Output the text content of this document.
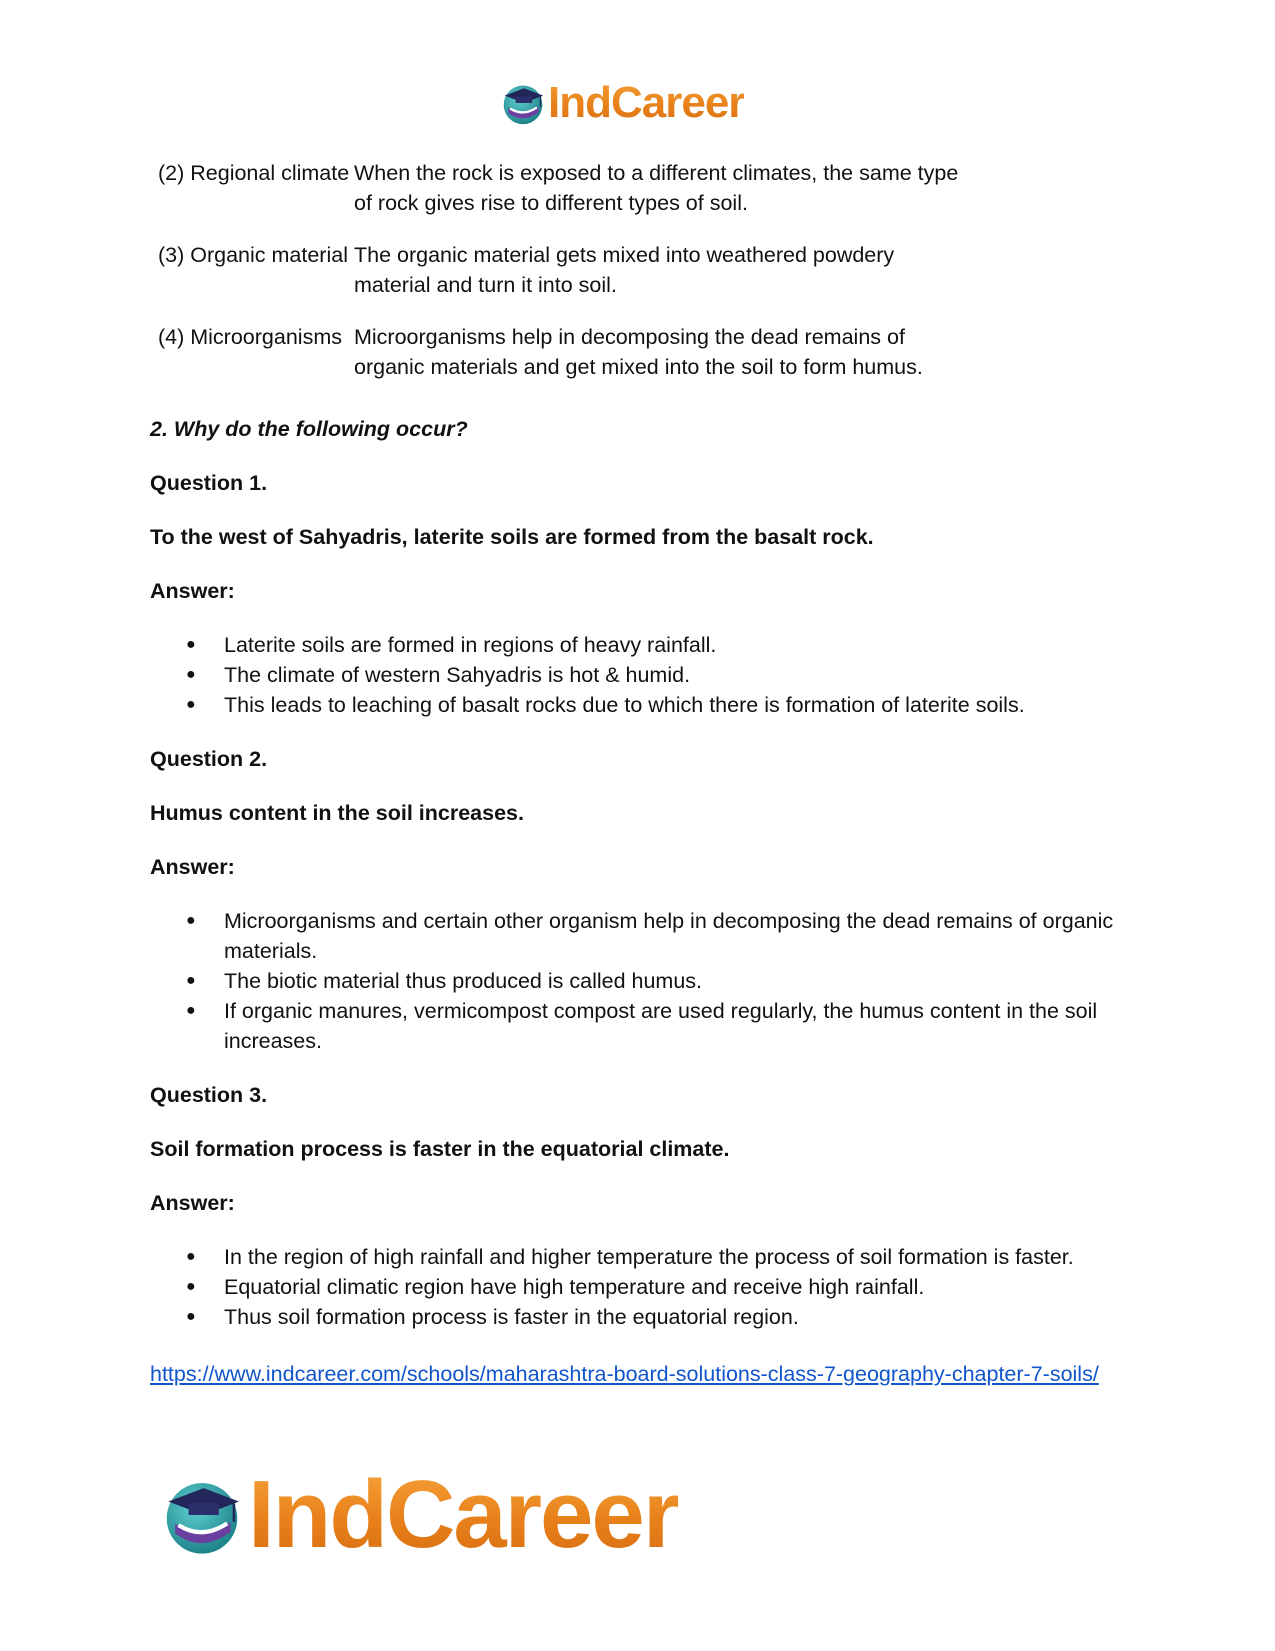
IndCareer
(2) Regional climate	When the rock is exposed to a different climates, the same type of rock gives rise to different types of soil.
(3) Organic material	The organic material gets mixed into weathered powdery material and turn it into soil.
(4) Microorganisms	Microorganisms help in decomposing the dead remains of organic materials and get mixed into the soil to form humus.
2. Why do the following occur?
Question 1.
To the west of Sahyadris, laterite soils are formed from the basalt rock.
Answer:
● Laterite soils are formed in regions of heavy rainfall.
● The climate of western Sahyadris is hot & humid.
● This leads to leaching of basalt rocks due to which there is formation of laterite soils.
Question 2.
Humus content in the soil increases.
Answer:
● Microorganisms and certain other organism help in decomposing the dead remains of organic materials.
● The biotic material thus produced is called humus.
● If organic manures, vermicompost compost are used regularly, the humus content in the soil increases.
Question 3.
Soil formation process is faster in the equatorial climate.
Answer:
● In the region of high rainfall and higher temperature the process of soil formation is faster.
● Equatorial climatic region have high temperature and receive high rainfall.
● Thus soil formation process is faster in the equatorial region.
https://www.indcareer.com/schools/maharashtra-board-solutions-class-7-geography-chapter-7-soils/
IndCareer
